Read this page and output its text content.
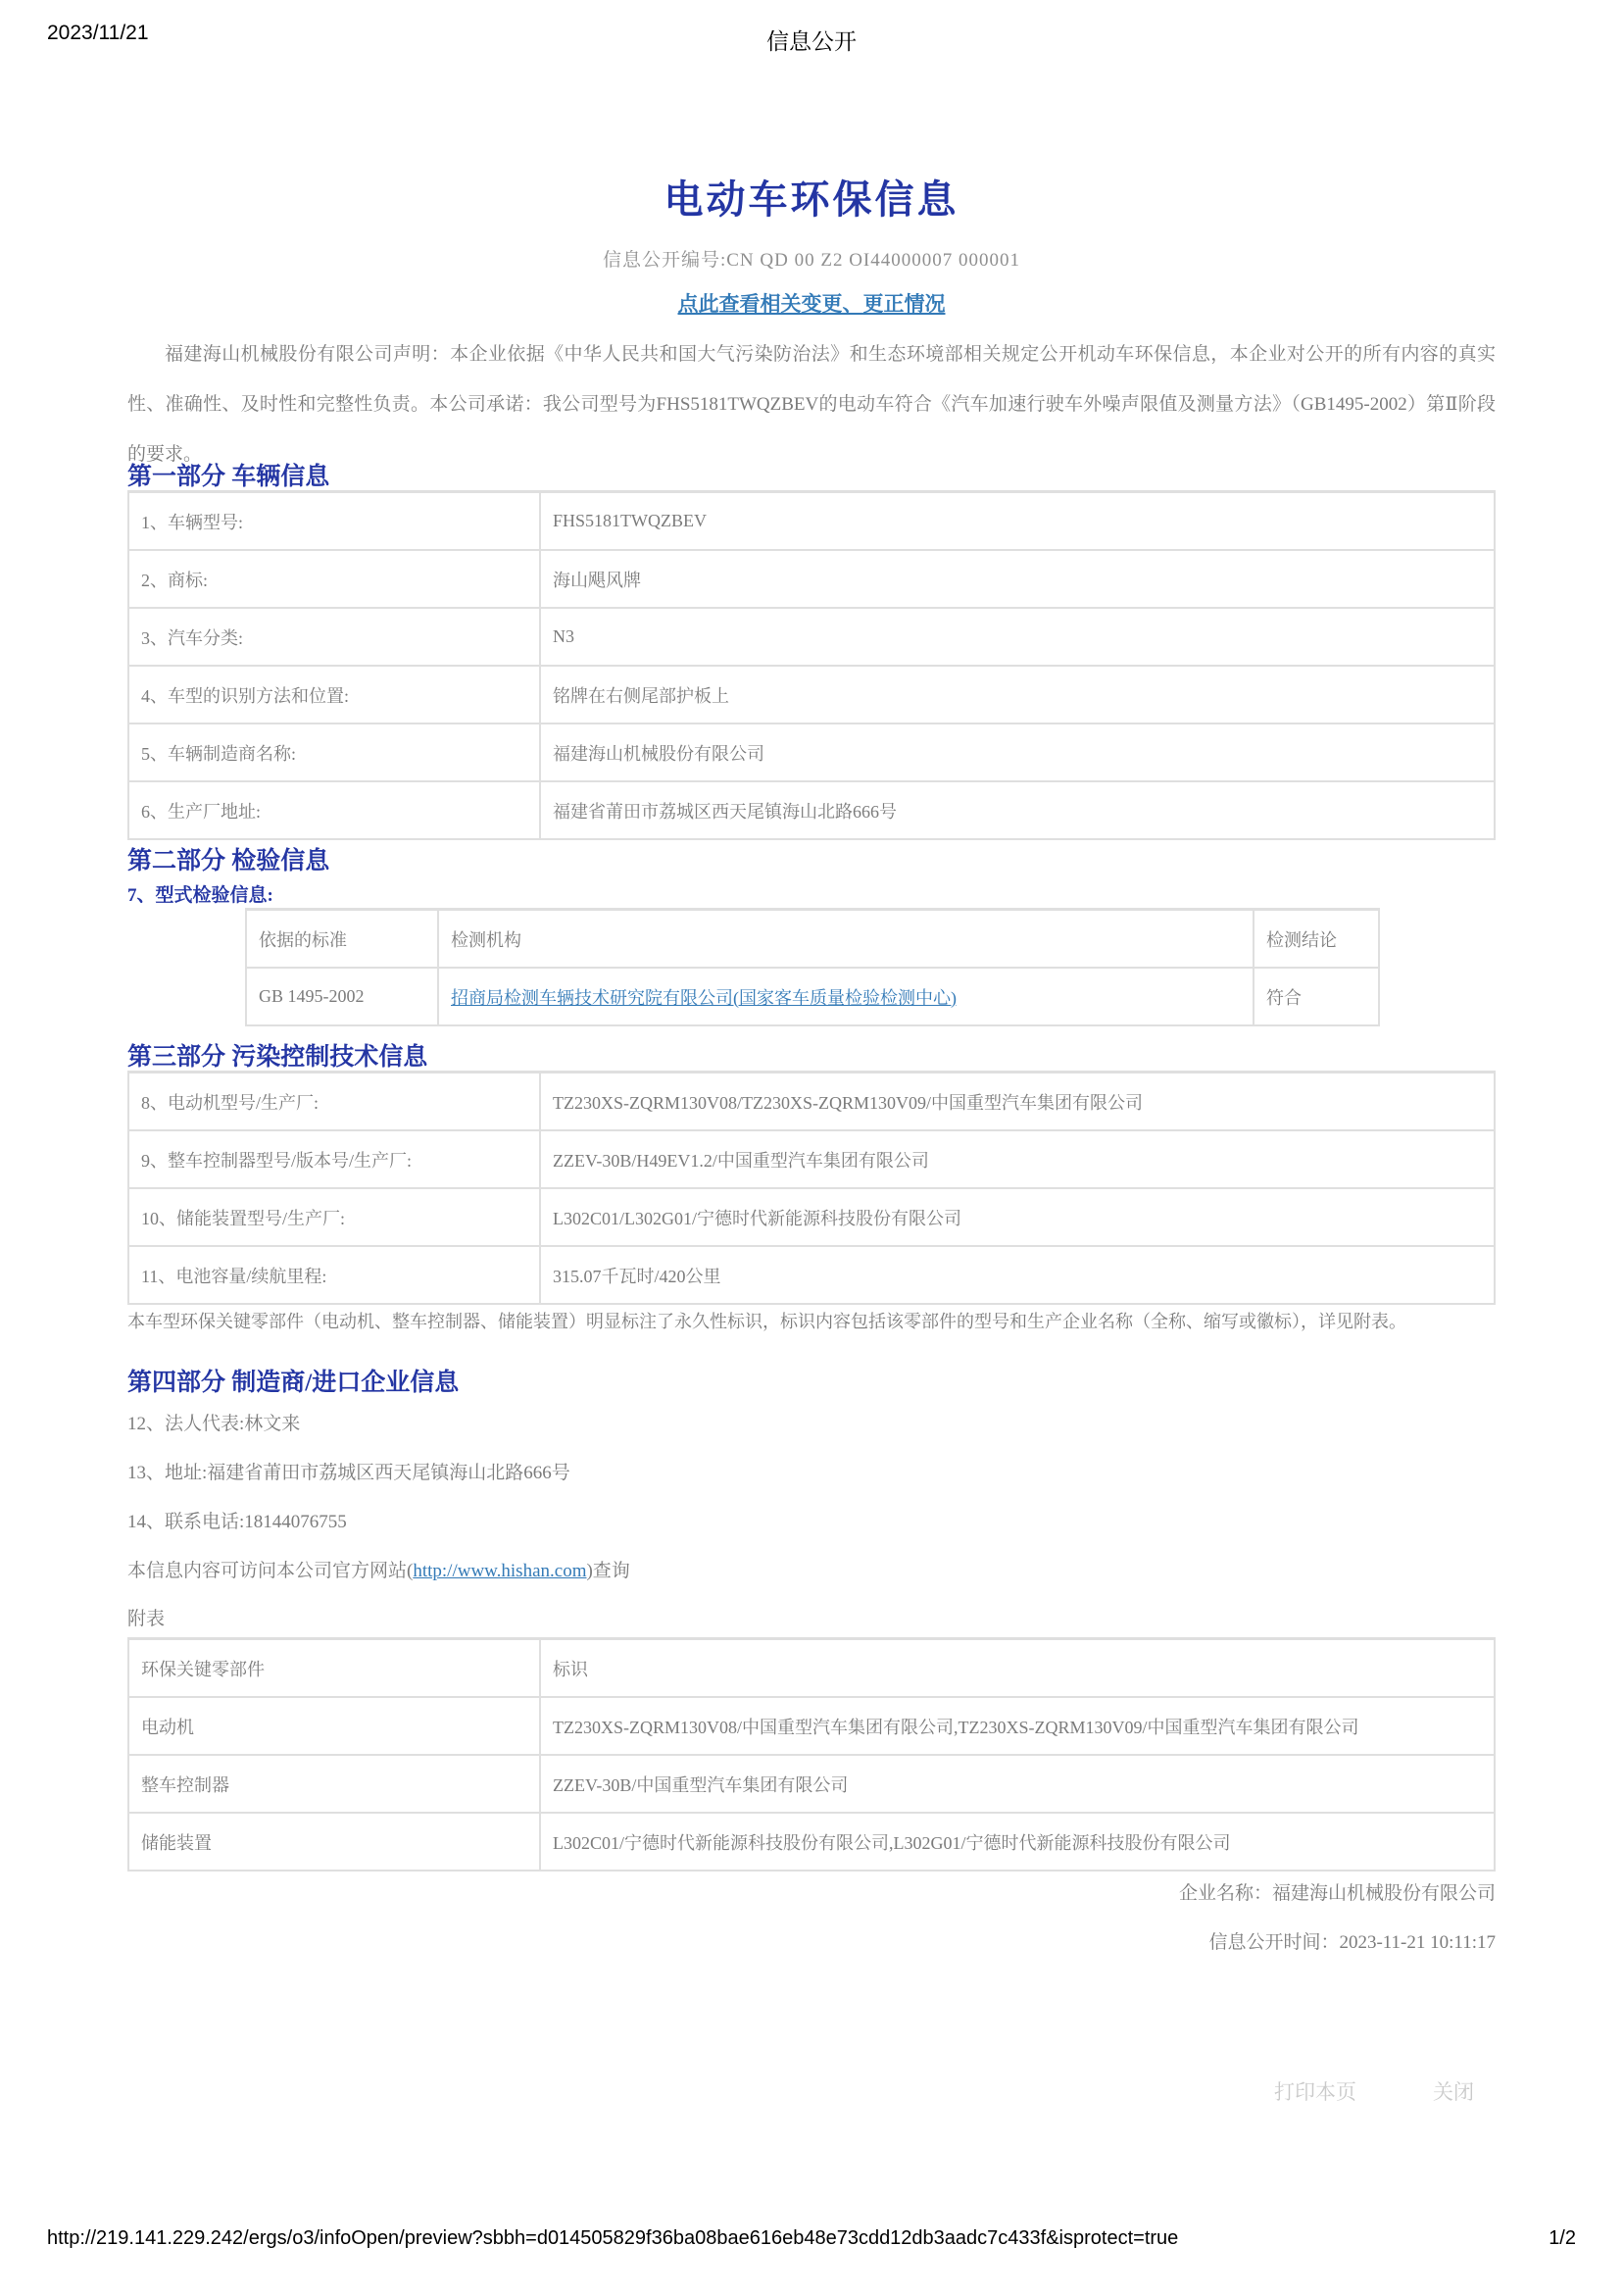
2023/11/21	信息公开
电动车环保信息
信息公开编号:CN QD 00 Z2 OI44000007 000001
点此查看相关变更、更正情况

福建海山机械股份有限公司声明：本企业依据《中华人民共和国大气污染防治法》和生态环境部相关规定公开机动车环保信息，本企业对公开的所有内容的真实性、准确性、及时性和完整性负责。本公司承诺：我公司型号为FHS5181TWQZBEV的电动车符合《汽车加速行驶车外噪声限值及测量方法》（GB1495-2002）第Ⅱ阶段的要求。

第一部分 车辆信息
1、车辆型号:	FHS5181TWQZBEV
2、商标:	海山飓风牌
3、汽车分类:	N3
4、车型的识别方法和位置:	铭牌在右侧尾部护板上
5、车辆制造商名称:	福建海山机械股份有限公司
6、生产厂地址:	福建省莆田市荔城区西天尾镇海山北路666号
第二部分 检验信息
7、型式检验信息:
依据的标准	检测机构	检测结论
GB 1495-2002	招商局检测车辆技术研究院有限公司(国家客车质量检验检测中心)	符合
第三部分 污染控制技术信息
8、电动机型号/生产厂:	TZ230XS-ZQRM130V08/TZ230XS-ZQRM130V09/中国重型汽车集团有限公司
9、整车控制器型号/版本号/生产厂:	ZZEV-30B/H49EV1.2/中国重型汽车集团有限公司
10、储能装置型号/生产厂:	L302C01/L302G01/宁德时代新能源科技股份有限公司
11、电池容量/续航里程:	315.07千瓦时/420公里

本车型环保关键零部件（电动机、整车控制器、储能装置）明显标注了永久性标识，标识内容包括该零部件的型号和生产企业名称（全称、缩写或徽标），详见附表。

第四部分 制造商/进口企业信息

12、法人代表:林文来

13、地址:福建省莆田市荔城区西天尾镇海山北路666号

14、联系电话:18144076755

本信息内容可访问本公司官方网站(http://www.hishan.com)查询
附表
环保关键零部件	标识
电动机	TZ230XS-ZQRM130V08/中国重型汽车集团有限公司,TZ230XS-ZQRM130V09/中国重型汽车集团有限公司
整车控制器	ZZEV-30B/中国重型汽车集团有限公司
储能装置	L302C01/宁德时代新能源科技股份有限公司,L302G01/宁德时代新能源科技股份有限公司
企业名称：福建海山机械股份有限公司
信息公开时间：2023-11-21 10:11:17
打印本页	关闭
http://219.141.229.242/ergs/o3/infoOpen/preview?sbbh=d014505829f36ba08bae616eb48e73cdd12db3aadc7c433f&isprotect=true	1/2
